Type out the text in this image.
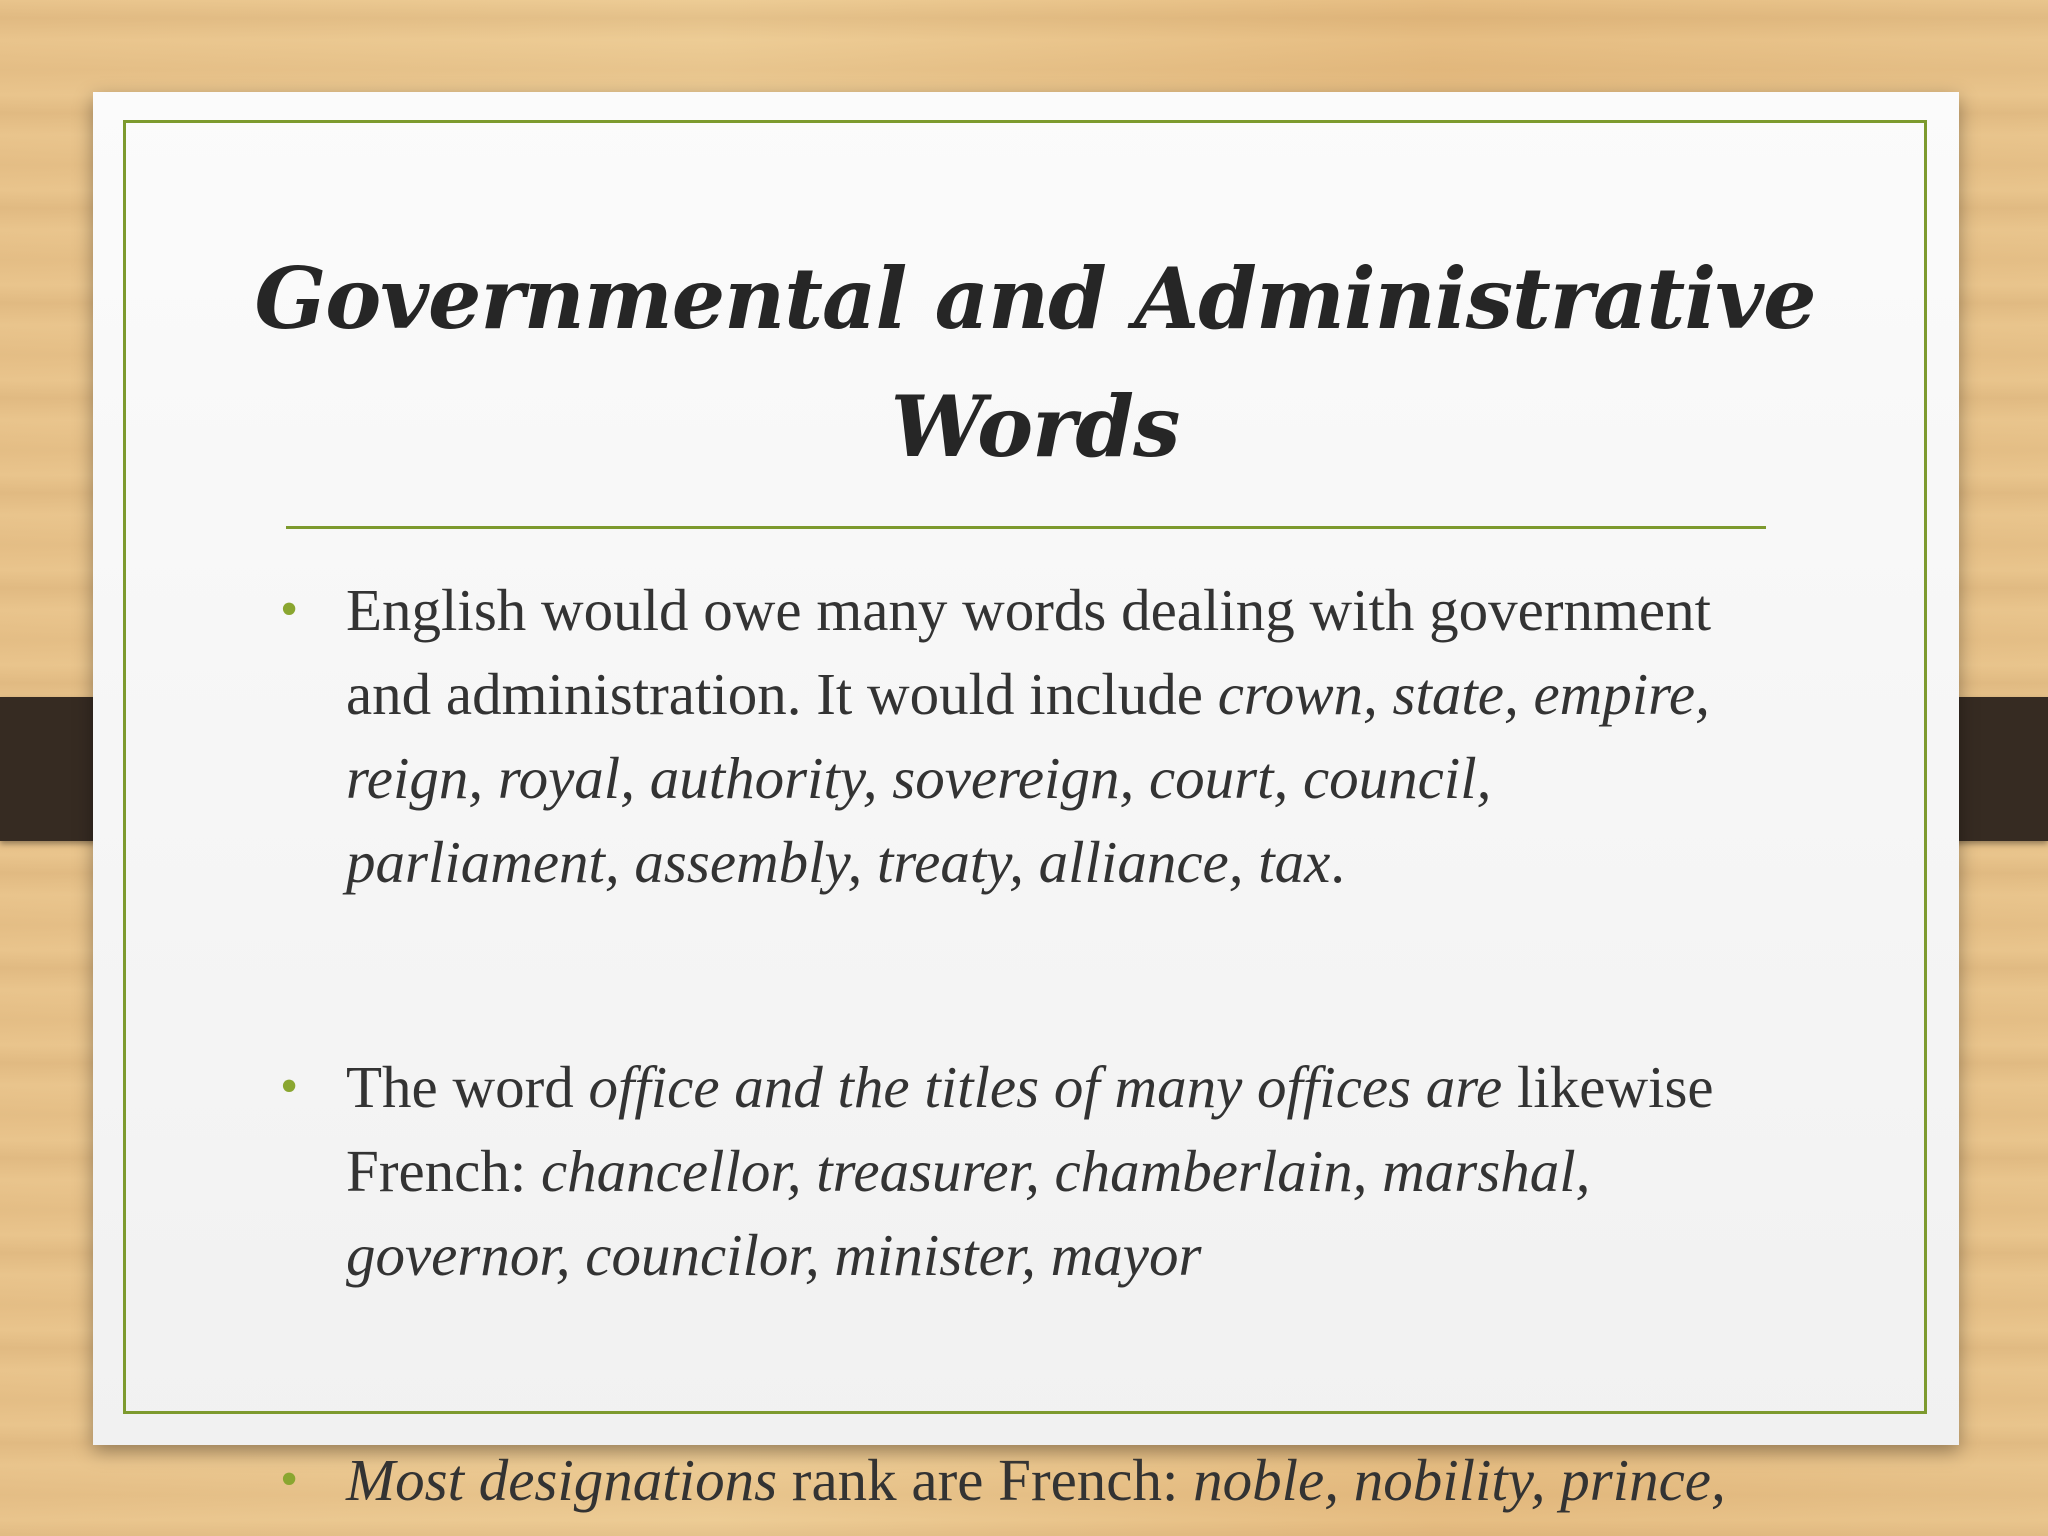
Governmental and Administrative Words
• English would owe many words dealing with government and administration. It would include crown, state, empire, reign, royal, authority, sovereign, court, council, parliament, assembly, treaty, alliance, tax.
• The word office and the titles of many offices are likewise French: chancellor, treasurer, chamberlain, marshal, governor, councilor, minister, mayor
• Most designations rank are French: noble, nobility, prince,
